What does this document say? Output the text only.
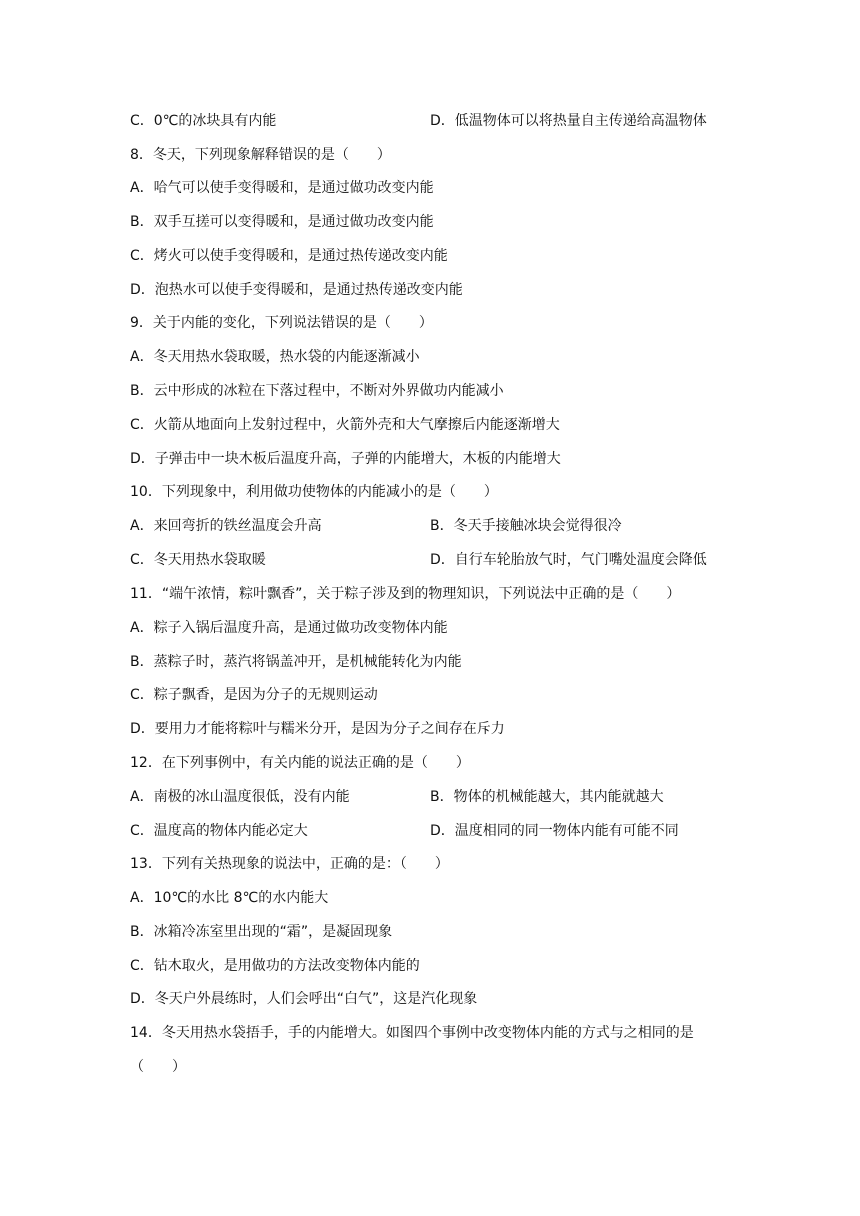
C．0℃的冰块具有内能	D．低温物体可以将热量自主传递给高温物体
8．冬天，下列现象解释错误的是（　　）
A．哈气可以使手变得暖和，是通过做功改变内能
B．双手互搓可以变得暖和，是通过做功改变内能
C．烤火可以使手变得暖和，是通过热传递改变内能
D．泡热水可以使手变得暖和，是通过热传递改变内能
9．关于内能的变化，下列说法错误的是（　　）
A．冬天用热水袋取暖，热水袋的内能逐渐减小
B．云中形成的冰粒在下落过程中，不断对外界做功内能减小
C．火箭从地面向上发射过程中，火箭外壳和大气摩擦后内能逐渐增大
D．子弹击中一块木板后温度升高，子弹的内能增大，木板的内能增大
10．下列现象中，利用做功使物体的内能减小的是（　　）
A．来回弯折的铁丝温度会升高	B．冬天手接触冰块会觉得很冷
C．冬天用热水袋取暖	D．自行车轮胎放气时，气门嘴处温度会降低
11．“端午浓情，粽叶飘香”，关于粽子涉及到的物理知识，下列说法中正确的是（　　）
A．粽子入锅后温度升高，是通过做功改变物体内能
B．蒸粽子时，蒸汽将锅盖冲开，是机械能转化为内能
C．粽子飘香，是因为分子的无规则运动
D．要用力才能将粽叶与糯米分开，是因为分子之间存在斥力
12．在下列事例中，有关内能的说法正确的是（　　）
A．南极的冰山温度很低，没有内能	B．物体的机械能越大，其内能就越大
C．温度高的物体内能必定大	D．温度相同的同一物体内能有可能不同
13．下列有关热现象的说法中，正确的是：（　　）
A．10℃的水比 8℃的水内能大
B．冰箱冷冻室里出现的“霜”，是凝固现象
C．钻木取火，是用做功的方法改变物体内能的
D．冬天户外晨练时，人们会呼出“白气”，这是汽化现象
14．冬天用热水袋捂手，手的内能增大。如图四个事例中改变物体内能的方式与之相同的是
（　　）
